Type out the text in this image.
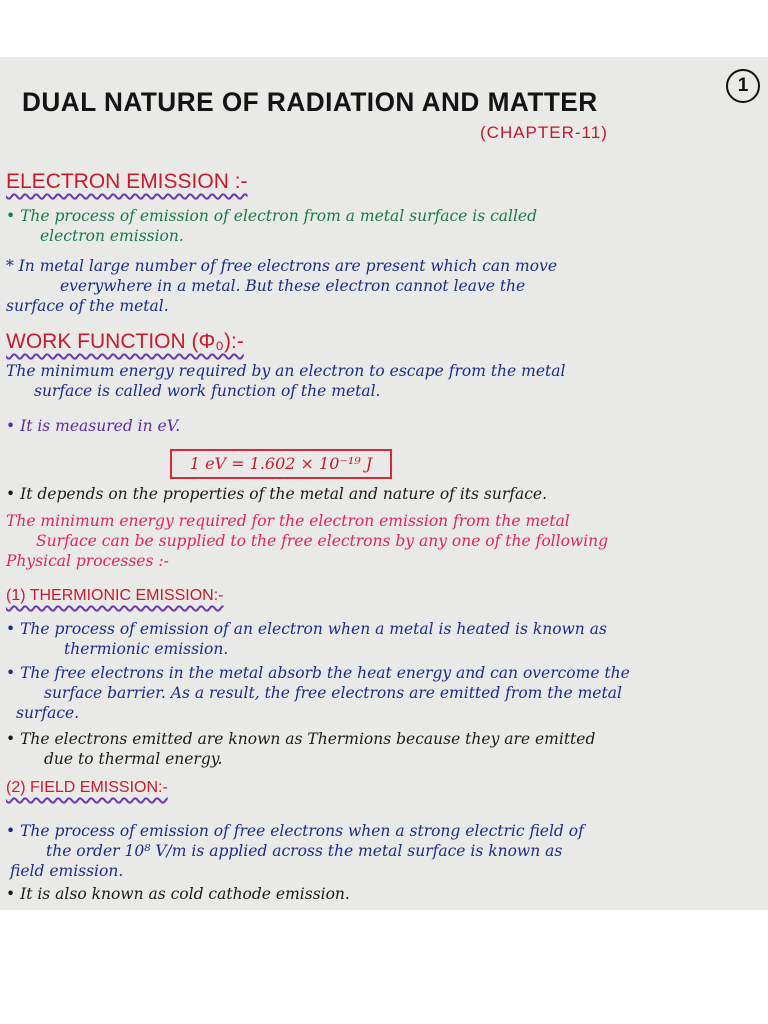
DUAL NATURE OF RADIATION AND MATTER
1
(CHAPTER-11)
ELECTRON EMISSION :-
• The process of emission of electron from a metal surface is called
electron emission.
* In metal large number of free electrons are present which can move
everywhere in a metal. But these electron cannot leave the
surface of the metal.
WORK FUNCTION (Φ₀):-
The minimum energy required by an electron to escape from the metal
surface is called work function of the metal.
• It is measured in eV.
1 eV = 1.602 × 10⁻¹⁹ J
• It depends on the properties of the metal and nature of its surface.
The minimum energy required for the electron emission from the metal
Surface can be supplied to the free electrons by any one of the following
Physical processes :-
(1) THERMIONIC EMISSION:-
• The process of emission of an electron when a metal is heated is known as
thermionic emission.
• The free electrons in the metal absorb the heat energy and can overcome the
surface barrier. As a result, the free electrons are emitted from the metal
surface.
• The electrons emitted are known as Thermions because they are emitted
due to thermal energy.
(2) FIELD EMISSION:-
• The process of emission of free electrons when a strong electric field of
the order 10⁸ V/m is applied across the metal surface is known as
field emission.
• It is also known as cold cathode emission.
